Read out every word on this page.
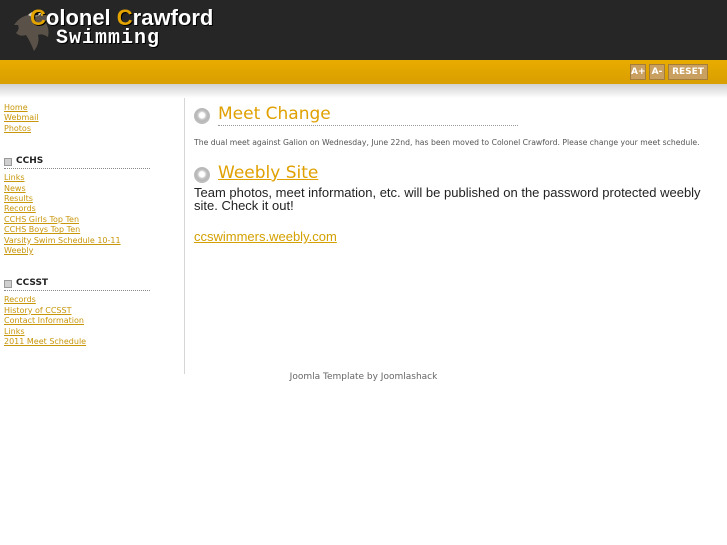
Colonel Crawford
Swimming
A+ A-	RESET
Home
Webmail
Photos
CCHS
Links
News
Results
Records
CCHS Girls Top Ten
CCHS Boys Top Ten
Varsity Swim Schedule 10-11
Weebly
CCSST
Records
History of CCSST
Contact Information
Links
2011 Meet Schedule
Meet Change
The dual meet against Galion on Wednesday, June 22nd, has been moved to Colonel Crawford. Please change your meet schedule.
Weebly Site
Team photos, meet information, etc. will be published on the password protected weebly site. Check it out!
ccswimmers.weebly.com
Joomla Template by Joomlashack
